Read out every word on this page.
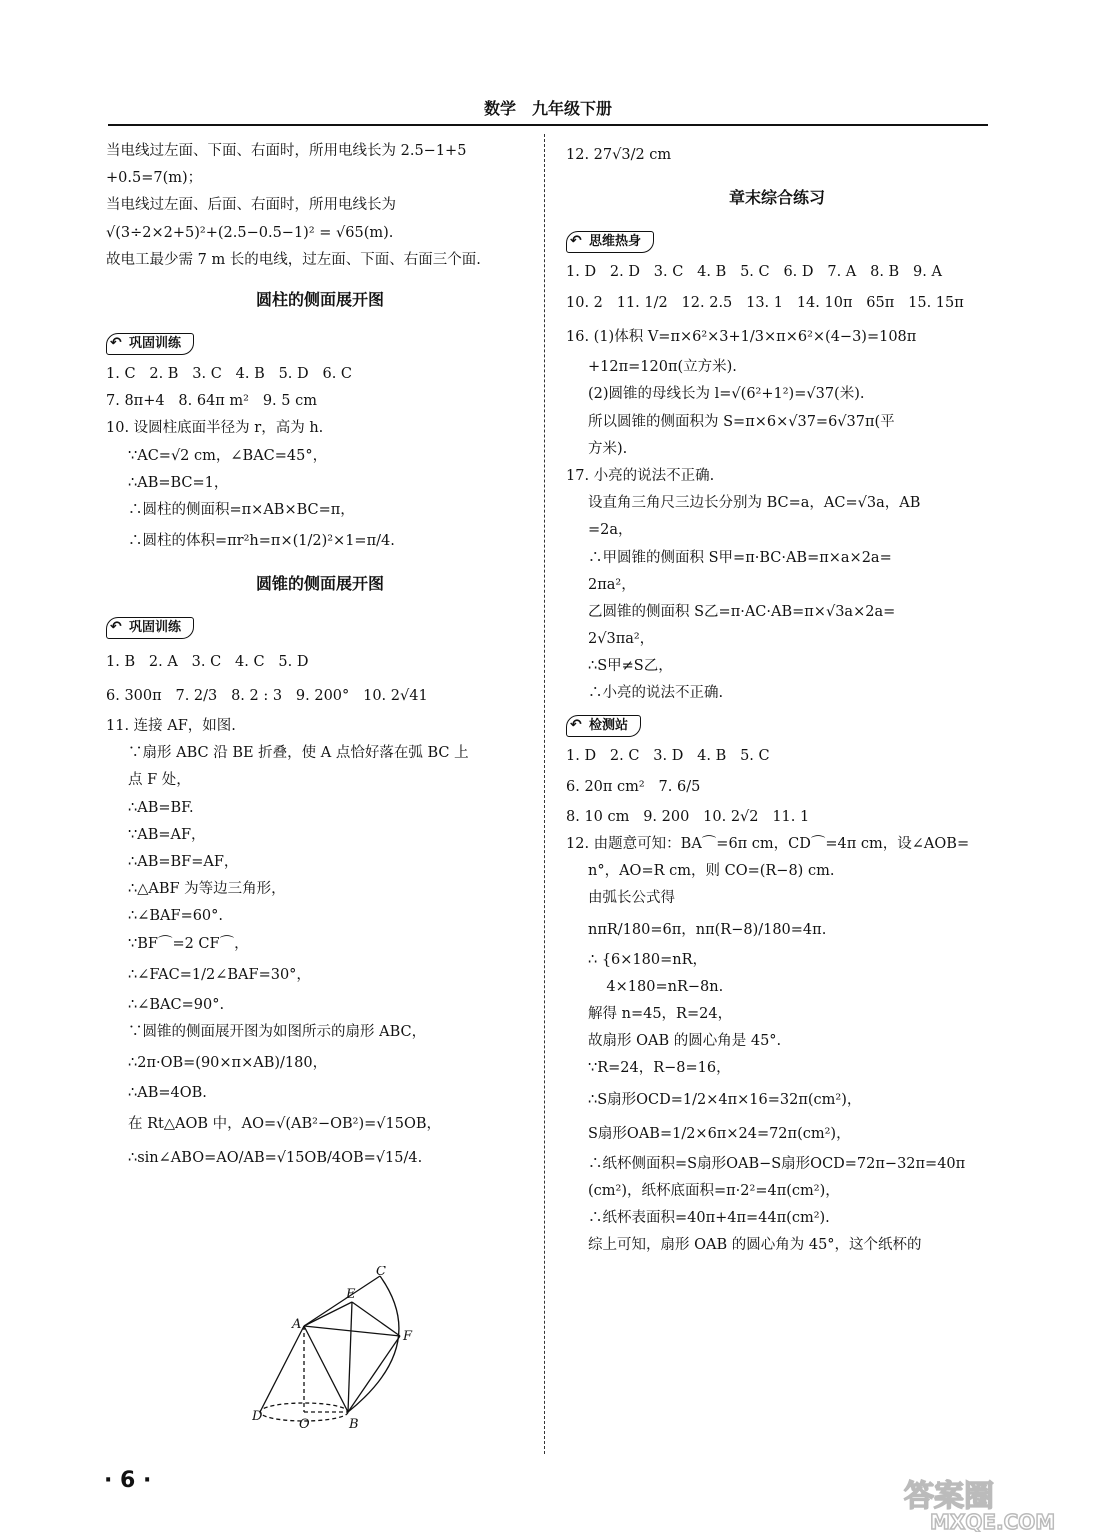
数学　九年级下册
当电线过左面、下面、右面时，所用电线长为 2.5−1+5
+0.5=7(m)；
当电线过左面、后面、右面时，所用电线长为
√(3÷2×2+5)²+(2.5−0.5−1)² = √65(m).
故电工最少需 7 m 长的电线，过左面、下面、右面三个面.
圆柱的侧面展开图
↶ 巩固训练
1. C   2. B   3. C   4. B   5. D   6. C
7. 8π+4   8. 64π m²   9. 5 cm
10. 设圆柱底面半径为 r，高为 h.
∵AC=√2 cm，∠BAC=45°，
∴AB=BC=1，
∴圆柱的侧面积=π×AB×BC=π，
∴圆柱的体积=πr²h=π×(1/2)²×1=π/4.
圆锥的侧面展开图
↶ 巩固训练
1. B   2. A   3. C   4. C   5. D
6. 300π   7. 2/3   8. 2 : 3   9. 200°   10. 2√41
11. 连接 AF，如图.
∵扇形 ABC 沿 BE 折叠，使 A 点恰好落在弧 BC 上
点 F 处，
∴AB=BF.
∵AB=AF，
∴AB=BF=AF，
∴△ABF 为等边三角形，
∴∠BAF=60°.
∵BF⌒=2 CF⌒，
∴∠FAC=1/2∠BAF=30°，
∴∠BAC=90°.
∵圆锥的侧面展开图为如图所示的扇形 ABC，
∴2π·OB=(90×π×AB)/180，
∴AB=4OB.
在 Rt△AOB 中，AO=√(AB²−OB²)=√15OB，
∴sin∠ABO=AO/AB=√15OB/4OB=√15/4.
A
B
C
D
E
F
O
12. 27√3/2 cm
章末综合练习
↶ 思维热身
1. D   2. D   3. C   4. B   5. C   6. D   7. A   8. B   9. A
10. 2   11. 1/2   12. 2.5   13. 1   14. 10π   65π   15. 15π
16. (1)体积 V=π×6²×3+1/3×π×6²×(4−3)=108π
+12π=120π(立方米).
(2)圆锥的母线长为 l=√(6²+1²)=√37(米).
所以圆锥的侧面积为 S=π×6×√37=6√37π(平
方米).
17. 小亮的说法不正确.
设直角三角尺三边长分别为 BC=a，AC=√3a，AB
=2a，
∴甲圆锥的侧面积 S甲=π·BC·AB=π×a×2a=
2πa²，
乙圆锥的侧面积 S乙=π·AC·AB=π×√3a×2a=
2√3πa²，
∴S甲≠S乙，
∴小亮的说法不正确.
↶ 检测站
1. D   2. C   3. D   4. B   5. C
6. 20π cm²   7. 6/5
8. 10 cm   9. 200   10. 2√2   11. 1
12. 由题意可知：BA⌒=6π cm，CD⌒=4π cm，设∠AOB=
n°，AO=R cm，则 CO=(R−8) cm.
由弧长公式得
nπR/180=6π，nπ(R−8)/180=4π.
∴ {6×180=nR，
4×180=nR−8n.
解得 n=45，R=24，
故扇形 OAB 的圆心角是 45°.
∵R=24，R−8=16，
∴S扇形OCD=1/2×4π×16=32π(cm²)，
S扇形OAB=1/2×6π×24=72π(cm²)，
∴纸杯侧面积=S扇形OAB−S扇形OCD=72π−32π=40π
(cm²)，纸杯底面积=π·2²=4π(cm²)，
∴纸杯表面积=40π+4π=44π(cm²).
综上可知，扇形 OAB 的圆心角为 45°，这个纸杯的
· 6 ·	答案圈
MXQE.COM
